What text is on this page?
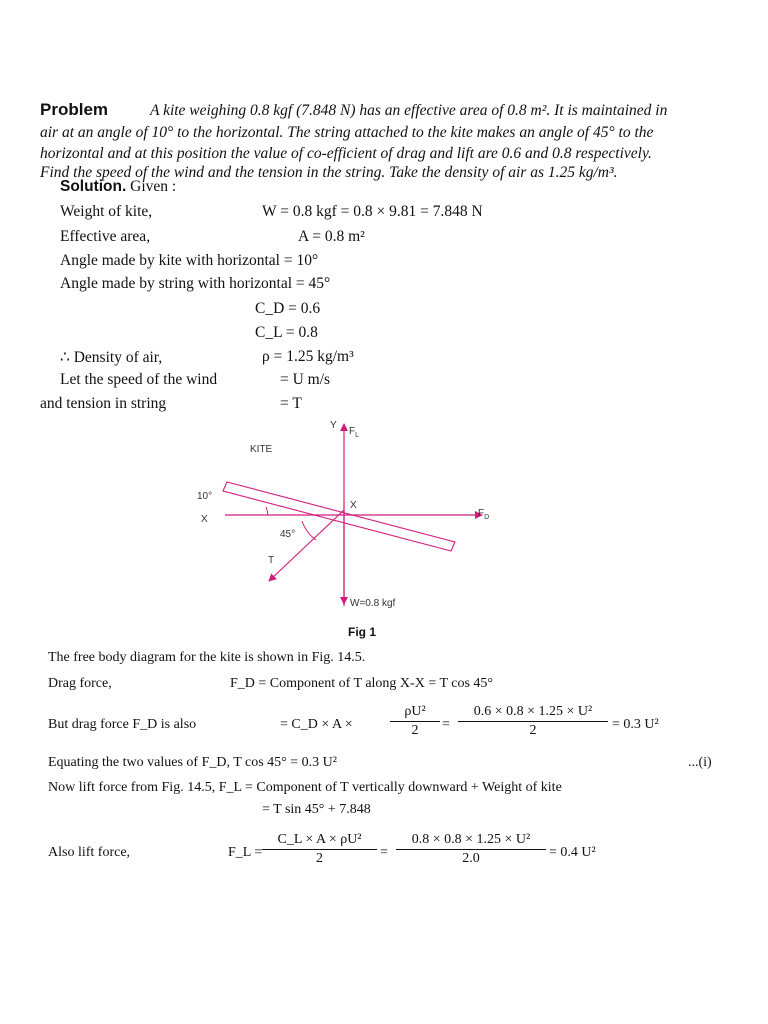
Problem	A kite weighing 0.8 kgf (7.848 N) has an effective area of 0.8 m². It is maintained in
air at an angle of 10° to the horizontal. The string attached to the kite makes an angle of 45° to the
horizontal and at this position the value of co-efficient of drag and lift are 0.6 and 0.8 respectively.
Find the speed of the wind and the tension in the string. Take the density of air as 1.25 kg/m³.
Solution. Given :
Weight of kite,	W = 0.8 kgf = 0.8 × 9.81 = 7.848 N
Effective area,	A = 0.8 m²
Angle made by kite with horizontal = 10°
Angle made by string with horizontal = 45°
C_D = 0.6
C_L = 0.8
∴ Density of air,	ρ = 1.25 kg/m³
Let the speed of the wind	= U m/s
and tension in string	= T
Y
$F_L$
KITE
10°
X
X
$F_D$
45°
T
W=0.8 kgf
Fig 1
The free body diagram for the kite is shown in Fig. 14.5.
Drag force,	F_D = Component of T along X-X = T cos 45°
But drag force F_D is also	= C_D × A ×	$\frac{\text{ρU²}}{2} = \frac{\text{0.6 × 0.8 × 1.25 × U²}}{2} = 0.3$ U²
Equating the two values of F_D, T cos 45° = 0.3 U²	...(i)
Now lift force from Fig. 14.5, F_L = Component of T vertically downward + Weight of kite
= T sin 45° + 7.848
Also lift force,	F_L = $\frac{\text{C\_L × A × ρU²}}{2} = \frac{\text{0.8 × 0.8 × 1.25 × U²}}{2.0} = 0.4$ U²
